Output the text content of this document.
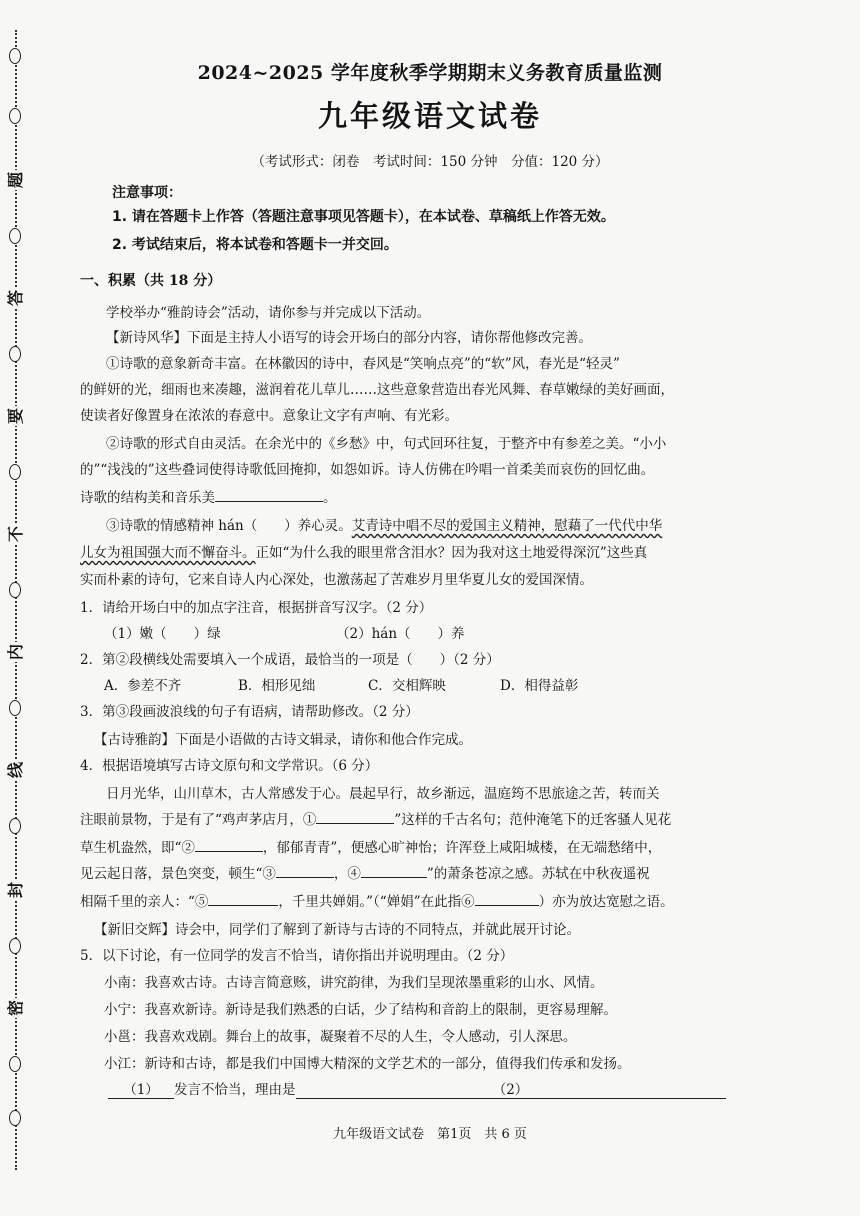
题
答
要
不
内
线
封
密
2024~2025 学年度秋季学期期末义务教育质量监测
九年级语文试卷
（考试形式：闭卷　考试时间：150 分钟　分值：120 分）
注意事项：
1. 请在答题卡上作答（答题注意事项见答题卡），在本试卷、草稿纸上作答无效。
2. 考试结束后，将本试卷和答题卡一并交回。
一、积累（共 18 分）
学校举办“雅韵诗会”活动，请你参与并完成以下活动。
【新诗风华】下面是主持人小语写的诗会开场白的部分内容，请你帮他修改完善。
①诗歌的意象新奇丰富。在林徽因的诗中，春风是“笑响点亮”的“软”风，春光是“轻灵”
的鲜妍的光，细雨也来凑趣，滋润着花儿草儿……这些意象营造出春光风舞、春草嫩绿的美好画面，
使读者好像置身在浓浓的春意中。意象让文字有声响、有光彩。
②诗歌的形式自由灵活。在余光中的《乡愁》中，句式回环往复，于整齐中有参差之美。“小小
的”“浅浅的”这些叠词使得诗歌低回掩抑，如怨如诉。诗人仿佛在吟唱一首柔美而哀伤的回忆曲。
诗歌的结构美和音乐美	。
③诗歌的情感精神 hán（　　）养心灵。艾青诗中唱不尽的爱国主义精神，慰藉了一代代中华
儿女为祖国强大而不懈奋斗。正如“为什么我的眼里常含泪水？因为我对这土地爱得深沉”这些真
实而朴素的诗句，它来自诗人内心深处，也激荡起了苦难岁月里华夏儿女的爱国深情。
1．请给开场白中的加点字注音，根据拼音写汉字。（2 分）
（1）嫩（　　）绿	（2）hán（　　）养
2．第②段横线处需要填入一个成语，最恰当的一项是（　　）（2 分）
A．参差不齐	B．相形见绌	C．交相辉映	D．相得益彰
3．第③段画波浪线的句子有语病，请帮助修改。（2 分）
【古诗雅韵】下面是小语做的古诗文辑录，请你和他合作完成。
4．根据语境填写古诗文原句和文学常识。（6 分）
日月光华，山川草木，古人常感发于心。晨起早行，故乡渐远，温庭筠不思旅途之苦，转而关
注眼前景物，于是有了“鸡声茅店月，①	”这样的千古名句；范仲淹笔下的迁客骚人见花
草生机盎然，即“②	，郁郁青青”，便感心旷神怡；许浑登上咸阳城楼，在无端愁绪中，
见云起日落，景色突变，顿生“③	，④	”的萧条苍凉之感。苏轼在中秋夜遥祝
相隔千里的亲人：“⑤	，千里共婵娟。”（“婵娟”在此指⑥	）亦为放达宽慰之语。
【新旧交辉】诗会中，同学们了解到了新诗与古诗的不同特点，并就此展开讨论。
5．以下讨论，有一位同学的发言不恰当，请你指出并说明理由。（2 分）
小南：我喜欢古诗。古诗言简意赅，讲究韵律，为我们呈现浓墨重彩的山水、风情。
小宁：我喜欢新诗。新诗是我们熟悉的白话，少了结构和音韵上的限制，更容易理解。
小邕：我喜欢戏剧。舞台上的故事，凝聚着不尽的人生，令人感动，引人深思。
小江：新诗和古诗，都是我们中国博大精深的文学艺术的一部分，值得我们传承和发扬。
（1） 发言不恰当，理由是	（2）
九年级语文试卷　第1页　共 6 页
